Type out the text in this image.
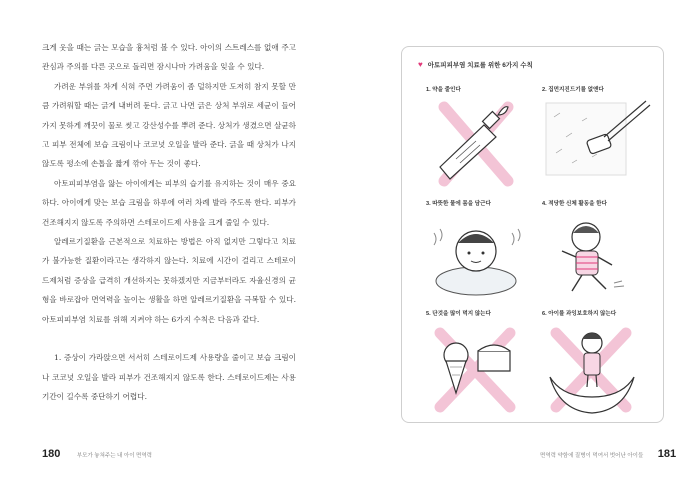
크게 웃을 때는 긁는 모습을 흉처럼 볼 수 있다. 아이의 스트레스를 없애 주고 관심과 주의를 다른 곳으로 돌리면 잠시나마 가려움을 잊을 수 있다.

가려운 부위를 차게 식혀 주면 가려움이 좀 덜하지만 도저히 참지 못할 만큼 가려워할 때는 긁게 내버려 둔다. 긁고 나면 긁은 상처 부위로 세균이 들어가지 못하게 깨끗이 물로 씻고 강산성수를 뿌려 준다. 상처가 생겼으면 살균하고 피부 전체에 보습 크림이나 코코넛 오일을 발라 준다. 긁을 때 상처가 나지 않도록 평소에 손톱을 짧게 깎아 두는 것이 좋다.

아토피피부염을 앓는 아이에게는 피부의 습기를 유지하는 것이 매우 중요하다. 아이에게 맞는 보습 크림을 하루에 여러 차례 발라 주도록 한다. 피부가 건조해지지 않도록 주의하면 스테로이드제 사용을 크게 줄일 수 있다.

알레르기질환을 근본적으로 치료하는 방법은 아직 없지만 그렇다고 치료가 불가능한 질환이라고는 생각하지 않는다. 치료에 시간이 걸리고 스테로이드제처럼 증상을 급격히 개선하지는 못하겠지만 지금부터라도 자율신경의 균형을 바로잡아 면역력을 높이는 생활을 하면 알레르기질환을 극복할 수 있다. 아토피피부염 치료를 위해 지켜야 하는 6가지 수칙은 다음과 같다.

1. 증상이 가라앉으면 서서히 스테로이드제 사용량을 줄이고 보습 크림이나 코코넛 오일을 발라 피부가 건조해지지 않도록 한다. 스테로이드제는 사용 기간이 길수록 중단하기 어렵다.

180	부모가 놓쳐주는 내 아이 면역력
♥ 아토피피부염 치료를 위한 6가지 수칙
1. 약을 줄인다	2. 집먼지진드기를 없앤다
3. 따뜻한 물에 몸을 담근다	4. 적당한 신체 활동을 한다
5. 단것을 많이 먹지 않는다	6. 아이를 과잉보호하지 않는다
면역력 약함에 질병이 먹여서 벗어난 아이들 181
